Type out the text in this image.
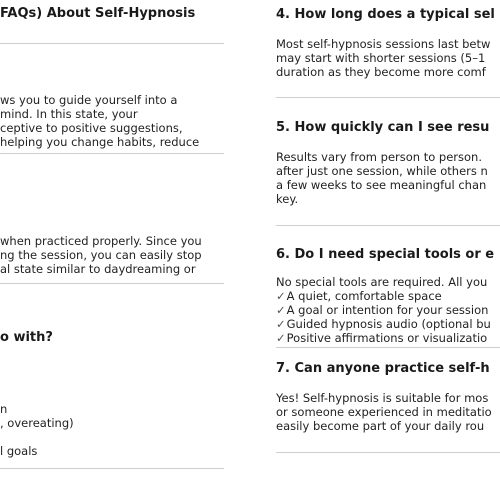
FAQs) About Self-Hypnosis

ws you to guide yourself into a

mind. In this state, your

ceptive to positive suggestions,

helping you change habits, reduce

when practiced properly. Since you

ng the session, you can easily stop

al state similar to daydreaming or

o with?

n

, overeating)

l goals

4. How long does a typical sel

Most self-hypnosis sessions last betw

may start with shorter sessions (5–1

duration as they become more comf

5. How quickly can I see resu

Results vary from person to person.

after just one session, while others n

a few weeks to see meaningful chan

key.

6. Do I need special tools or e

No special tools are required. All you

✓A quiet, comfortable space

✓A goal or intention for your session

✓Guided hypnosis audio (optional bu

✓Positive affirmations or visualizatio

7. Can anyone practice self-h

Yes! Self-hypnosis is suitable for mos

or someone experienced in meditatio

easily become part of your daily rou
